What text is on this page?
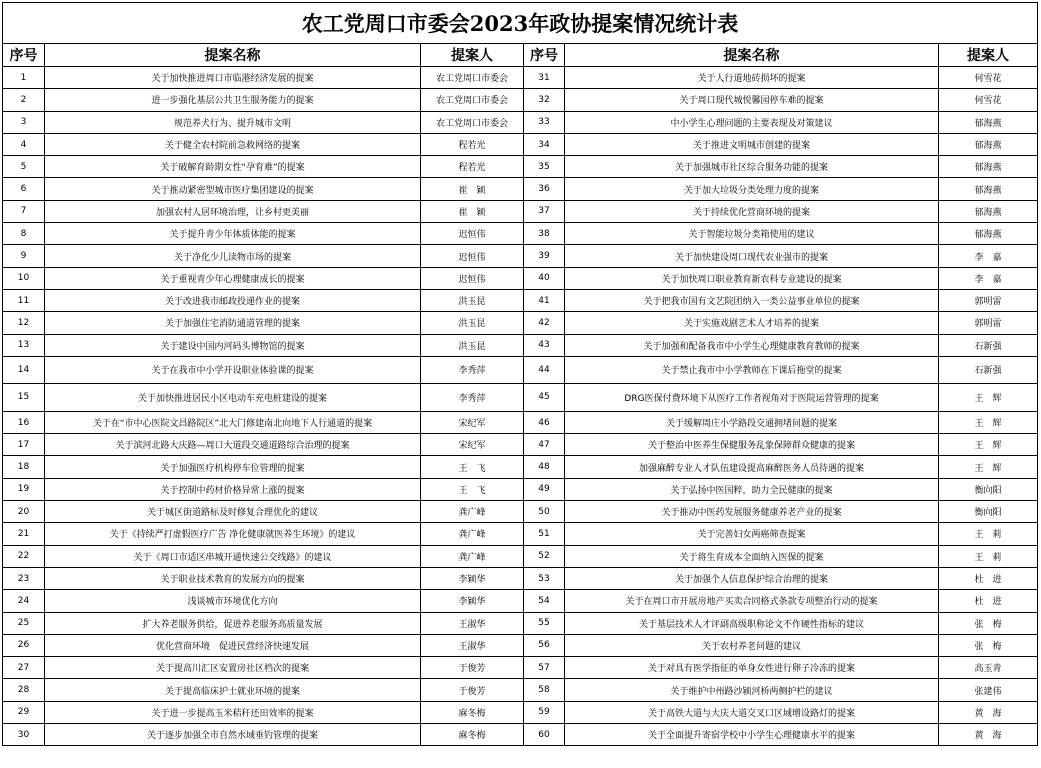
农工党周口市委会2023年政协提案情况统计表					
序号	提案名称	提案人	序号	提案名称	提案人
1	关于加快推进周口市临港经济发展的提案	农工党周口市委会	31	关于人行道地砖损坏的提案	何雪花
2	进一步强化基层公共卫生服务能力的提案	农工党周口市委会	32	关于周口现代城悦馨园停车难的提案	何雪花
3	规范养犬行为、提升城市文明	农工党周口市委会	33	中小学生心理问题的主要表现及对策建议	郁海燕
4	关于健全农村院前急救网络的提案	程若光	34	关于推进文明城市创建的提案	郁海燕
5	关于破解育龄期女性“孕育难”的提案	程若光	35	关于加强城市社区综合服务功能的提案	郁海燕
6	关于推动紧密型城市医疗集团建设的提案	崔　颖	36	关于加大垃圾分类处理力度的提案	郁海燕
7	加强农村人居环境治理，让乡村更美丽	崔　颖	37	关于持续优化营商环境的提案	郁海燕
8	关于提升青少年体质体能的提案	迟恒伟	38	关于智能垃圾分类箱使用的建议	郁海燕
9	关于净化少儿读物市场的提案	迟恒伟	39	关于加快建设周口现代农业强市的提案	李　嘉
10	关于重视青少年心理健康成长的提案	迟恒伟	40	关于加快周口职业教育新农科专业建设的提案	李　嘉
11	关于改进我市邮政投递作业的提案	洪玉昆	41	关于把我市国有文艺院团纳入一类公益事业单位的提案	郭明雷
12	关于加强住宅消防通道管理的提案	洪玉昆	42	关于实施戏剧艺术人才培养的提案	郭明雷
13	关于建设中国内河码头博物馆的提案	洪玉昆	43	关于加强和配备我市中小学生心理健康教育教师的提案	石新强
14	关于在我市中小学开设职业体验课的提案	李秀萍	44	关于禁止我市中小学教师在下课后拖堂的提案	石新强
15	关于加快推进居民小区电动车充电桩建设的提案	李秀萍	45	DRG医保付费环境下从医疗工作者视角对于医院运营管理的提案	王　辉
16	关于在“市中心医院文昌路院区”北大门修建南北向地下人行通道的提案	宋纪军	46	关于缓解周庄小学路段交通拥堵问题的提案	王　辉
17	关于滨河北路大庆路—周口大道段交通道路综合治理的提案	宋纪军	47	关于整治中医养生保健服务乱象保障群众健康的提案	王　辉
18	关于加强医疗机构停车位管理的提案	王　飞	48	加强麻醉专业人才队伍建设提高麻醉医务人员待遇的提案	王　辉
19	关于控制中药材价格异常上涨的提案	王　飞	49	关于弘扬中医国粹，助力全民健康的提案	衡向阳
20	关于城区街道路标及时修复合理优化的建议	龚广峰	50	关于推动中医药发展服务健康养老产业的提案	衡向阳
21	关于《持续严打虚假医疗广告 净化健康就医养生环境》的建议	龚广峰	51	关于完善妇女两癌筛查提案	王　莉
22	关于《周口市适区串城开通快速公交线路》的建议	龚广峰	52	关于将生育成本全面纳入医保的提案	王　莉
23	关于职业技术教育的发展方向的提案	李颖华	53	关于加强个人信息保护综合治理的提案	杜　进
24	浅谈城市环境优化方向	李颖华	54	关于在周口市开展房地产买卖合同格式条款专项整治行动的提案	杜　进
25	扩大养老服务供给，促进养老服务高质量发展	王淑华	55	关于基层技术人才评副高级职称论文不作硬性指标的建议	张　梅
26	优化营商环境　促进民营经济快速发展	王淑华	56	关于农村养老问题的建议	张　梅
27	关于提高川汇区安置房社区档次的提案	于俊芳	57	关于对具有医学指征的单身女性进行卵子冷冻的提案	高玉青
28	关于提高临床护士就业环境的提案	于俊芳	58	关于维护中州路沙颍河桥两侧护栏的建议	张建伟
29	关于进一步提高玉米秸秆还田效率的提案	麻冬梅	59	关于高铁大道与大庆大道交叉口区域增设路灯的提案	黄　海
30	关于逐步加强全市自然水域垂钓管理的提案	麻冬梅	60	关于全面提升寄宿学校中小学生心理健康水平的提案	黄　海
